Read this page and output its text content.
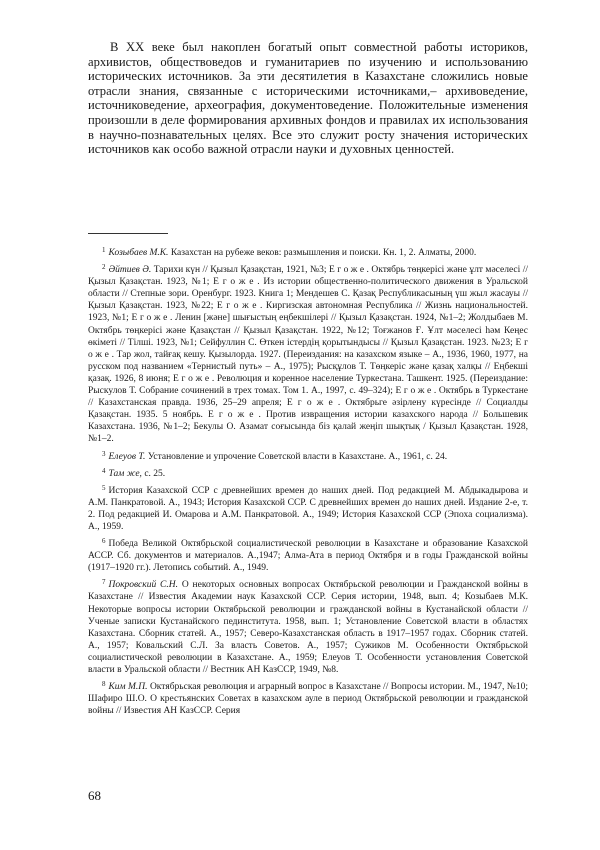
В XX веке был накоплен богатый опыт совместной работы историков, архивистов, обществоведов и гуманитариев по изучению и использованию исторических источников. За эти десятилетия в Казахстане сложились новые отрасли знания, связанные с историческими источниками,– архивоведение, источниковедение, археография, документоведение. Положительные изменения произошли в деле формирования архивных фондов и правилах их использования в научно-познавательных целях. Все это служит росту значения исторических источников как особо важной отрасли науки и духовных ценностей.

$^1$ Козыбаев М.К. Казахстан на рубеже веков: размышления и поиски. Кн. 1, 2. Алматы, 2000.

$^2$ Әйтиев Ә. Тарихи күн // Қызыл Қазақстан, 1921, №3; Е г о ж е . Октябрь төңкерісі және ұлт мәселесі // Қызыл Қазақстан. 1923, №1; Е г о ж е . Из истории общественно-политического движения в Уральской области // Степные зори. Оренбург. 1923. Книга 1; Мендешев С. Қазақ Республикасының үш жыл жасауы // Қызыл Қазақстан. 1923, №22; Е г о ж е . Киргизская автономная Республика // Жизнь национальностей. 1923, №1; Е г о ж е . Ленин [және] шығыстың еңбекшілері // Қызыл Қазақстан. 1924, №1–2; Жолдыбаев М. Октябрь төңкерісі және Қазақстан // Қызыл Қазақстан. 1922, №12; Тоғжанов Ғ. Ұлт мәселесі һәм Кеңес өкіметі // Тілші. 1923, №1; Сейфуллин С. Өткен істердің қорытындысы // Қызыл Қазақстан. 1923. №23; Е г о ж е . Тар жол, тайғақ кешу. Қызылорда. 1927. (Переиздания: на казахском языке – А., 1936, 1960, 1977, на русском под названием «Тернистый путь» – А., 1975); Рысқұлов Т. Төңкеріс және қазақ халқы // Еңбекші қазақ. 1926, 8 июня; Е г о ж е . Революция и коренное население Туркестана. Ташкент. 1925. (Переиздание: Рыскулов Т. Собрание сочинений в трех томах. Том 1. А., 1997, с. 49–324); Е г о ж е . Октябрь в Туркестане // Казахстанская правда. 1936, 25–29 апреля; Е г о ж е . Октябрьге әзірлену күресінде // Социалды Қазақстан. 1935. 5 ноябрь. Е г о ж е . Против извращения истории казахского народа // Большевик Казахстана. 1936, №1–2; Бекулы О. Азамат соғысында біз қалай жеңіп шықтық / Қызыл Қазақстан. 1928, №1–2.

$^3$ Елеуов Т. Установление и упрочение Советской власти в Казахстане. А., 1961, с. 24.

$^4$ Там же, с. 25.

$^5$ История Казахской ССР с древнейших времен до наших дней. Под редакцией М. Абдыкадырова и А.М. Панкратовой. А., 1943; История Казахской ССР. С древнейших времен до наших дней. Издание 2-е, т. 2. Под редакцией И. Омарова и А.М. Панкратовой. А., 1949; История Казахской ССР (Эпоха социализма). А., 1959.

$^6$ Победа Великой Октябрьской социалистической революции в Казахстане и образование Казахской АССР. Сб. документов и материалов. А.,1947; Алма-Ата в период Октября и в годы Гражданской войны (1917–1920 гг.). Летопись событий. А., 1949.

$^7$ Покровский С.Н. О некоторых основных вопросах Октябрьской революции и Гражданской войны в Казахстане // Известия Академии наук Казахской ССР. Серия истории, 1948, вып. 4; Козыбаев М.К. Некоторые вопросы истории Октябрьской революции и гражданской войны в Кустанайской области // Ученые записки Кустанайского пединститута. 1958, вып. 1; Установление Советской власти в областях Казахстана. Сборник статей. А., 1957; Северо-Казахстанская область в 1917–1957 годах. Сборник статей. А., 1957; Ковальский С.Л. За власть Советов. А., 1957; Сужиков М. Особенности Октябрьской социалистической революции в Казахстане. А., 1959; Елеуов Т. Особенности установления Советской власти в Уральской области // Вестник АН КазССР, 1949, №8.

$^8$ Ким М.П. Октябрьская революция и аграрный вопрос в Казахстане // Вопросы истории. М., 1947, №10; Шафиро Ш.О. О крестьянских Советах в казахском ауле в период Октябрьской революции и гражданской войны // Известия АН КазССР. Серия

68
